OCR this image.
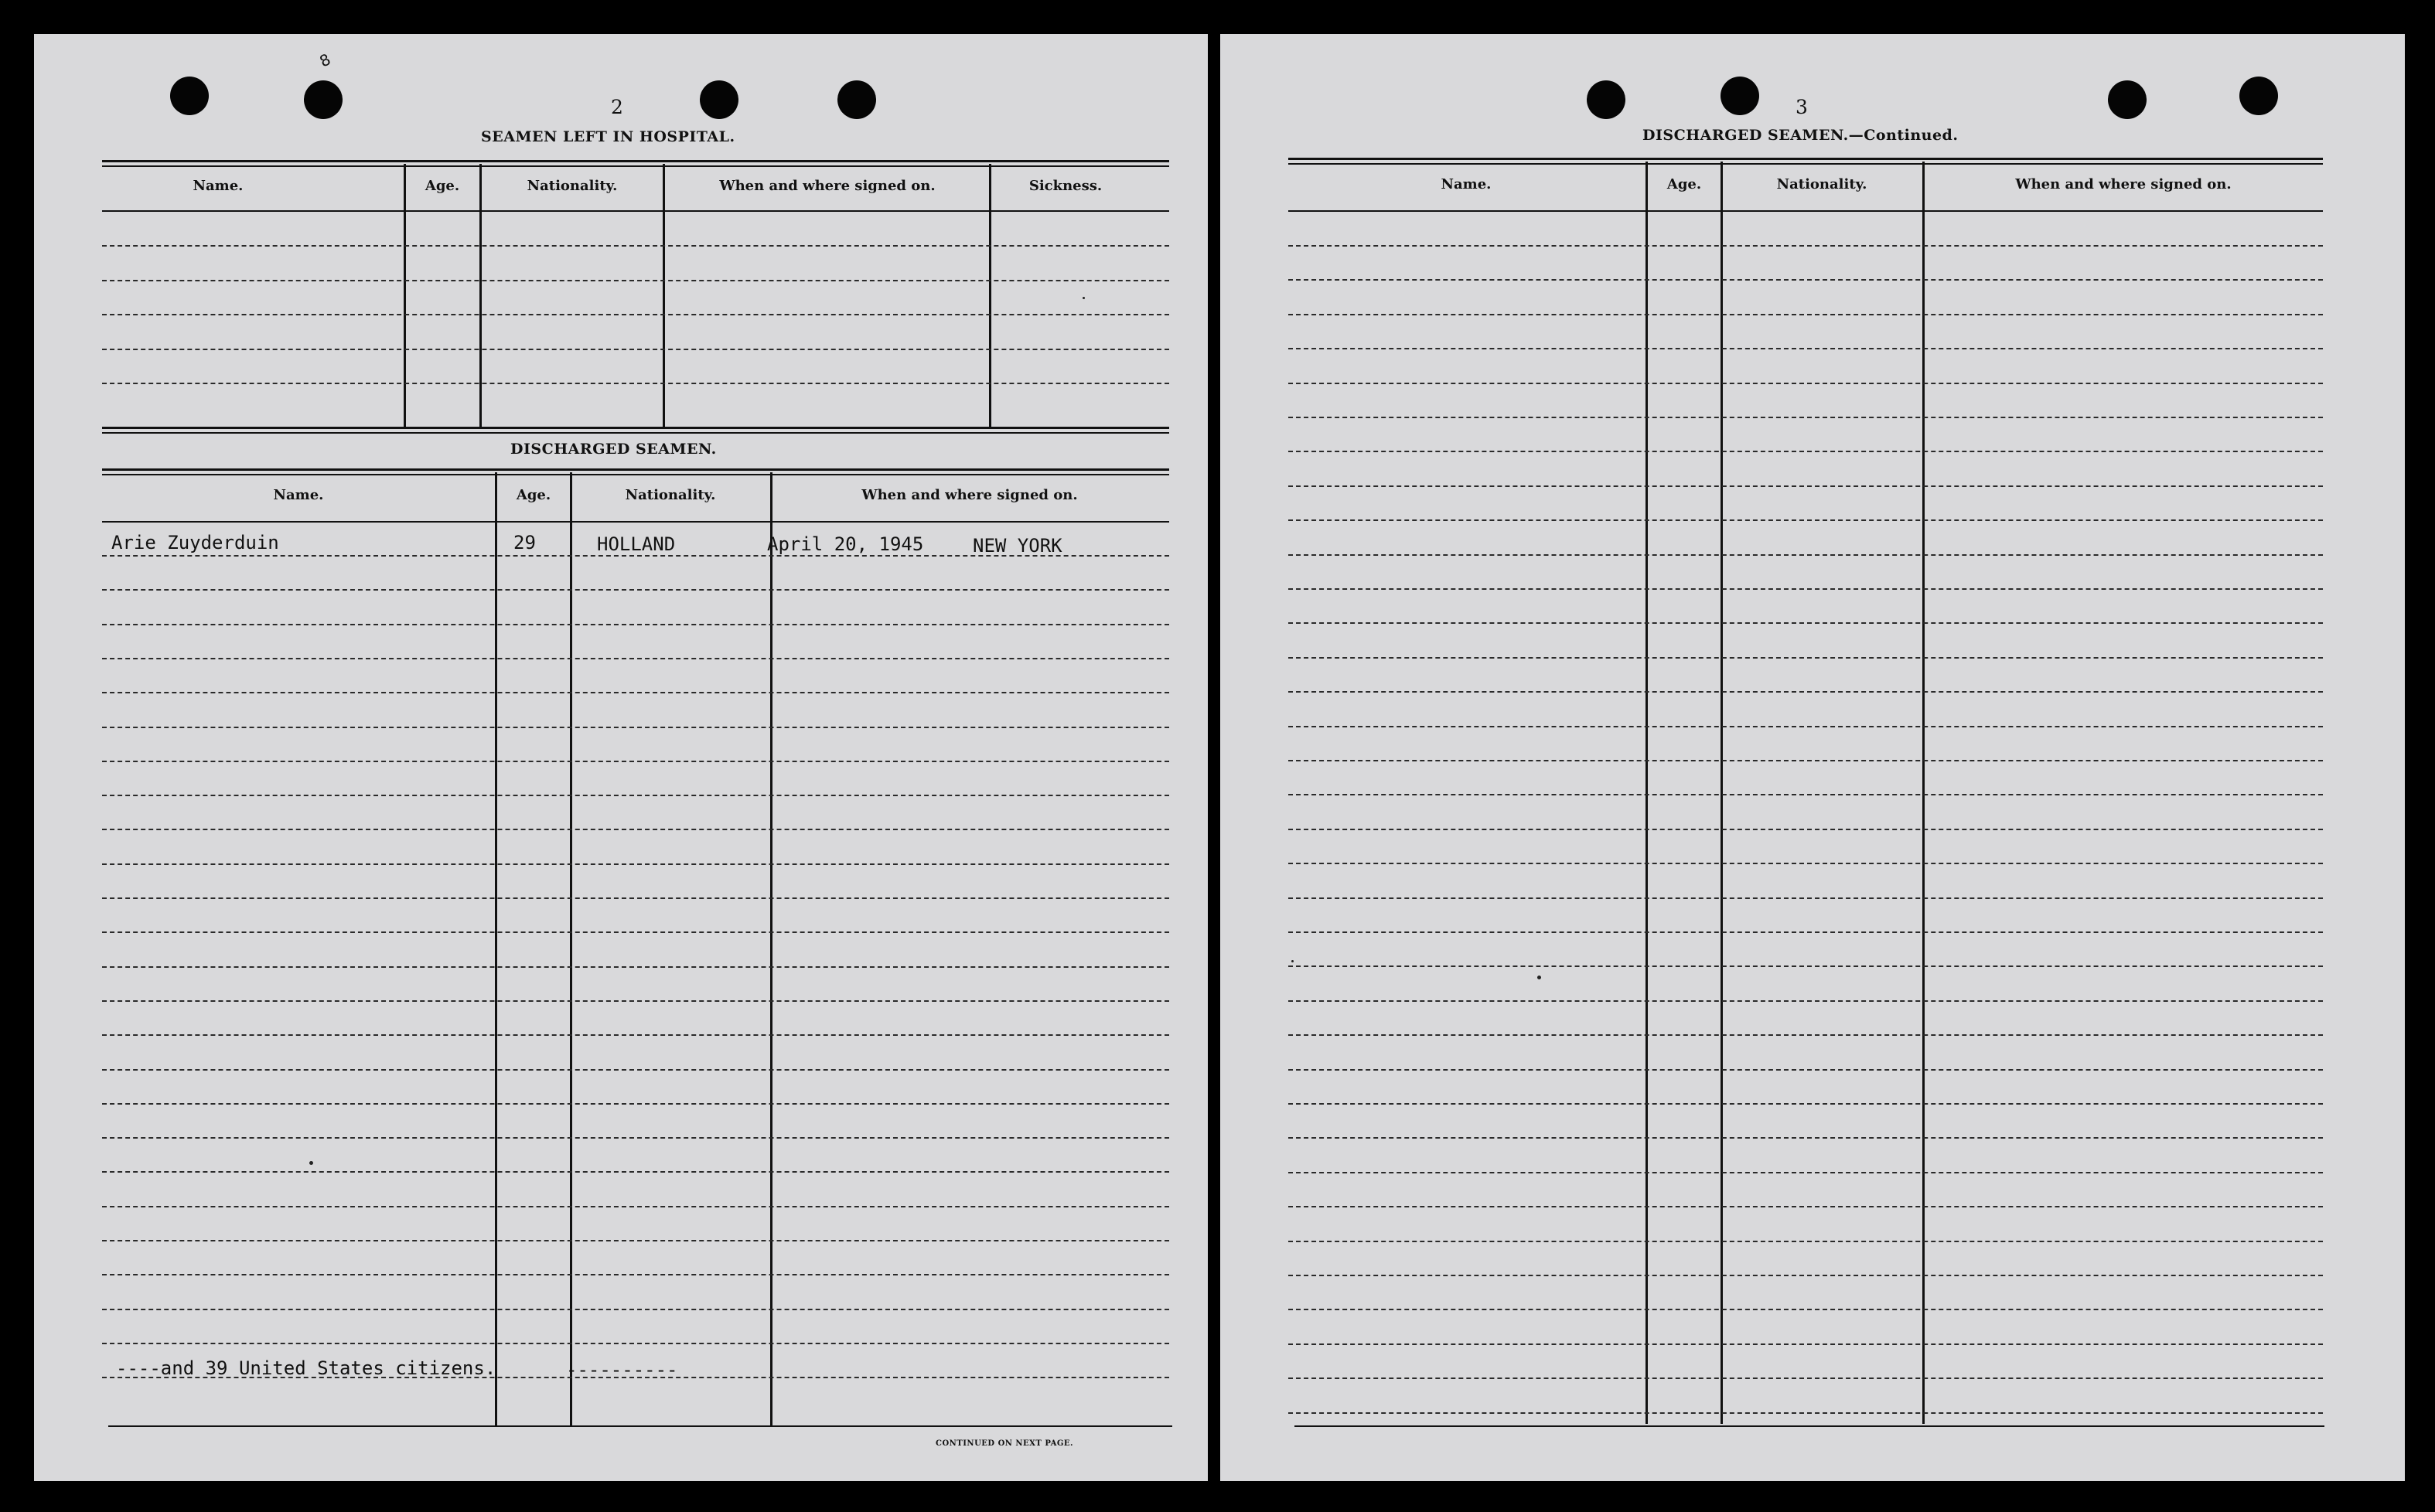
8
2
SEAMEN LEFT IN HOSPITAL.
Name.	Age.	Nationality.	When and where signed on.	Sickness.
DISCHARGED SEAMEN.
Name.	Age.	Nationality.	When and where signed on.
Arie Zuyderduin	29	HOLLAND	April 20, 1945	NEW YORK
----and 39 United States citizens.	----------
CONTINUED ON NEXT PAGE.
3
DISCHARGED SEAMEN.—Continued.
Name.	Age.	Nationality.	When and where signed on.
